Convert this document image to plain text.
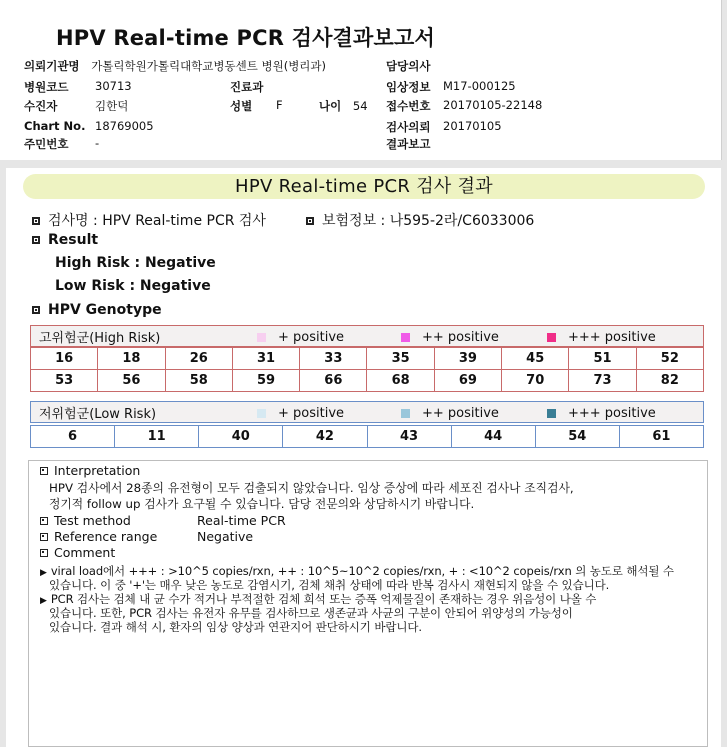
HPV Real-time PCR 검사결과보고서
의뢰기관명 가톨릭학원가톨릭대학교병동센트 병원(병리과)	담당의사
병원코드 30713	진료과	임상정보 M17-000125
수진자	김한덕	성별 F	나이 54 접수번호 20170105-22148
Chart No. 18769005	검사의뢰 20170105
주민번호 -	결과보고
HPV Real-time PCR 검사 결과
검사명 : HPV Real-time PCR 검사	보험정보 : 나595-2라/C6033006
Result
High Risk : Negative
Low Risk : Negative
HPV Genotype
고위험군(High Risk)	+ positive	++ positive	+++ positive
16	18	26	31	33	35	39	45	51	52
53	56	58	59	66	68	69	70	73	82
저위험군(Low Risk)	+ positive	++ positive	+++ positive
6	11	40	42	43	44	54	61
Interpretation
HPV 검사에서 28종의 유전형이 모두 검출되지 않았습니다. 임상 증상에 따라 세포진 검사나 조직검사,
정기적 follow up 검사가 요구될 수 있습니다. 담당 전문의와 상담하시기 바랍니다.
Test method	Real-time PCR
Reference range	Negative
Comment
▶ viral load에서 +++ : >10^5 copies/rxn, ++ : 10^5~10^2 copies/rxn, + : <10^2 copeis/rxn 의 농도로 해석될 수
있습니다. 이 중 '+'는 매우 낮은 농도로 감염시기, 검체 채취 상태에 따라 반복 검사시 재현되지 않을 수 있습니다.
▶ PCR 검사는 검체 내 균 수가 적거나 부적절한 검체 희석 또는 증폭 억제물질이 존재하는 경우 위음성이 나올 수
있습니다. 또한, PCR 검사는 유전자 유무를 검사하므로 생존균과 사균의 구분이 안되어 위양성의 가능성이
있습니다. 결과 해석 시, 환자의 임상 양상과 연관지어 판단하시기 바랍니다.
